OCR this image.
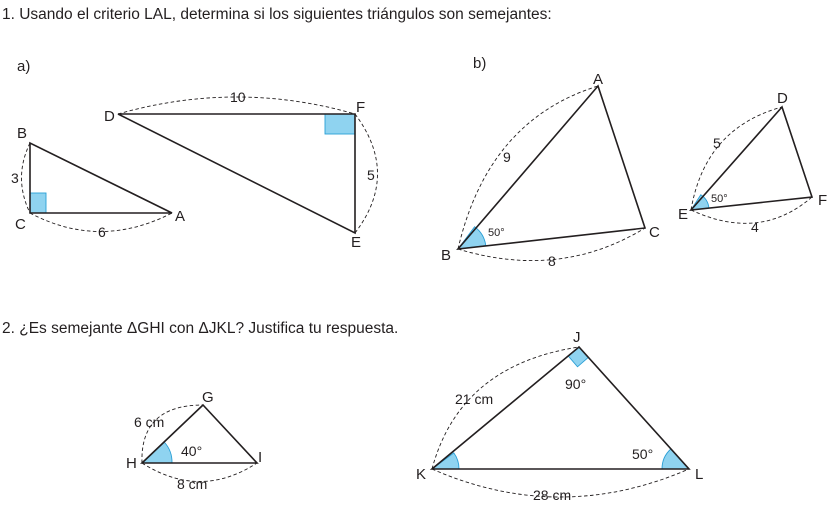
1. Usando el criterio LAL, determina si los siguientes triángulos son semejantes:
2. ¿Es semejante ΔGHI con ΔJKL? Justifica tu respuesta.
a)
B
C	A
3
6
D
F
E
10
5
b)
A
B
C
9
8
50°
D
E
F
5
4
50°
G
H	I
6 cm
8 cm
40°
J
K	L
21 cm
28 cm
90°
50°
